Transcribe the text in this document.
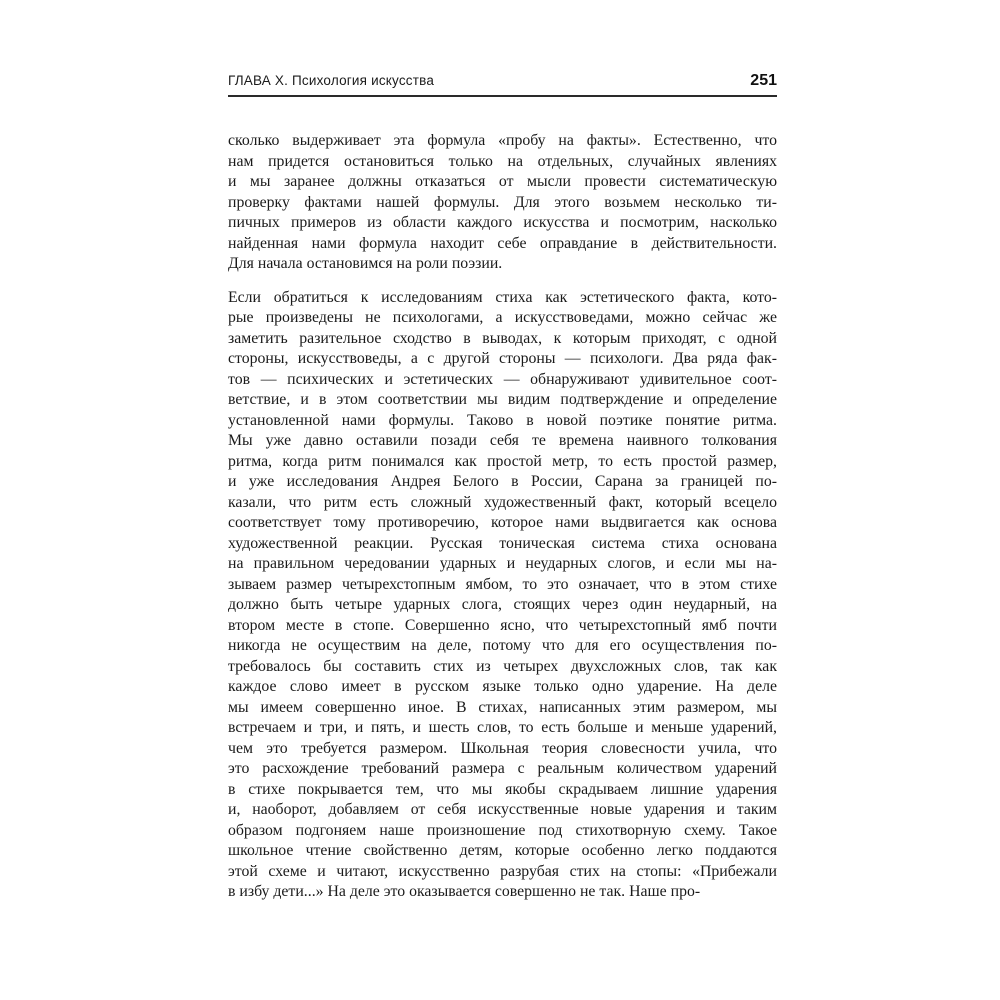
ГЛАВА X. Психология искусства	251
сколько выдерживает эта формула «пробу на факты». Естественно, что
нам придется остановиться только на отдельных, случайных явлениях
и мы заранее должны отказаться от мысли провести систематическую
проверку фактами нашей формулы. Для этого возьмем несколько ти-
пичных примеров из области каждого искусства и посмотрим, насколько
найденная нами формула находит себе оправдание в действительности.
Для начала остановимся на роли поэзии.
Если обратиться к исследованиям стиха как эстетического факта, кото-
рые произведены не психологами, а искусствоведами, можно сейчас же
заметить разительное сходство в выводах, к которым приходят, с одной
стороны, искусствоведы, а с другой стороны — психологи. Два ряда фак-
тов — психических и эстетических — обнаруживают удивительное соот-
ветствие, и в этом соответствии мы видим подтверждение и определение
установленной нами формулы. Таково в новой поэтике понятие ритма.
Мы уже давно оставили позади себя те времена наивного толкования
ритма, когда ритм понимался как простой метр, то есть простой размер,
и уже исследования Андрея Белого в России, Сарана за границей по-
казали, что ритм есть сложный художественный факт, который всецело
соответствует тому противоречию, которое нами выдвигается как основа
художественной реакции. Русская тоническая система стиха основана
на правильном чередовании ударных и неударных слогов, и если мы на-
зываем размер четырехстопным ямбом, то это означает, что в этом стихе
должно быть четыре ударных слога, стоящих через один неударный, на
втором месте в стопе. Совершенно ясно, что четырехстопный ямб почти
никогда не осуществим на деле, потому что для его осуществления по-
требовалось бы составить стих из четырех двухсложных слов, так как
каждое слово имеет в русском языке только одно ударение. На деле
мы имеем совершенно иное. В стихах, написанных этим размером, мы
встречаем и три, и пять, и шесть слов, то есть больше и меньше ударений,
чем это требуется размером. Школьная теория словесности учила, что
это расхождение требований размера с реальным количеством ударений
в стихе покрывается тем, что мы якобы скрадываем лишние ударения
и, наоборот, добавляем от себя искусственные новые ударения и таким
образом подгоняем наше произношение под стихотворную схему. Такое
школьное чтение свойственно детям, которые особенно легко поддаются
этой схеме и читают, искусственно разрубая стих на стопы: «Прибежали
в избу дети...» На деле это оказывается совершенно не так. Наше про-
